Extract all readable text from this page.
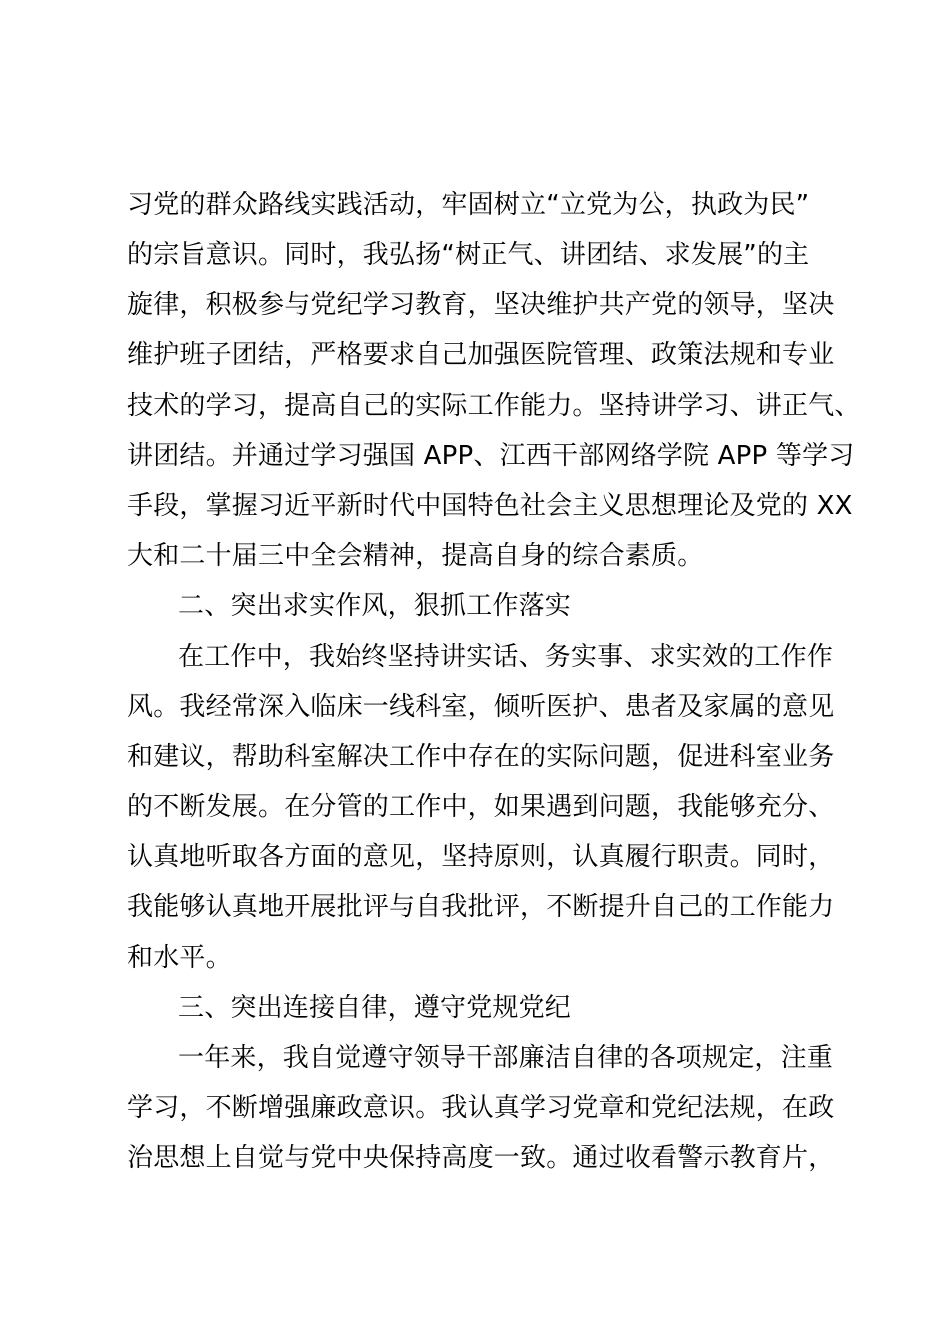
习党的群众路线实践活动，牢固树立“立党为公，执政为民”
的宗旨意识。同时，我弘扬“树正气、讲团结、求发展”的主
旋律，积极参与党纪学习教育，坚决维护共产党的领导，坚决
维护班子团结，严格要求自己加强医院管理、政策法规和专业
技术的学习，提高自己的实际工作能力。坚持讲学习、讲正气、
讲团结。并通过学习强国 APP、江西干部网络学院 APP 等学习
手段，掌握习近平新时代中国特色社会主义思想理论及党的 XX
大和二十届三中全会精神，提高自身的综合素质。
二、突出求实作风，狠抓工作落实
在工作中，我始终坚持讲实话、务实事、求实效的工作作
风。我经常深入临床一线科室，倾听医护、患者及家属的意见
和建议，帮助科室解决工作中存在的实际问题，促进科室业务
的不断发展。在分管的工作中，如果遇到问题，我能够充分、
认真地听取各方面的意见，坚持原则，认真履行职责。同时，
我能够认真地开展批评与自我批评，不断提升自己的工作能力
和水平。
三、突出连接自律，遵守党规党纪
一年来，我自觉遵守领导干部廉洁自律的各项规定，注重
学习，不断增强廉政意识。我认真学习党章和党纪法规，在政
治思想上自觉与党中央保持高度一致。通过收看警示教育片，
